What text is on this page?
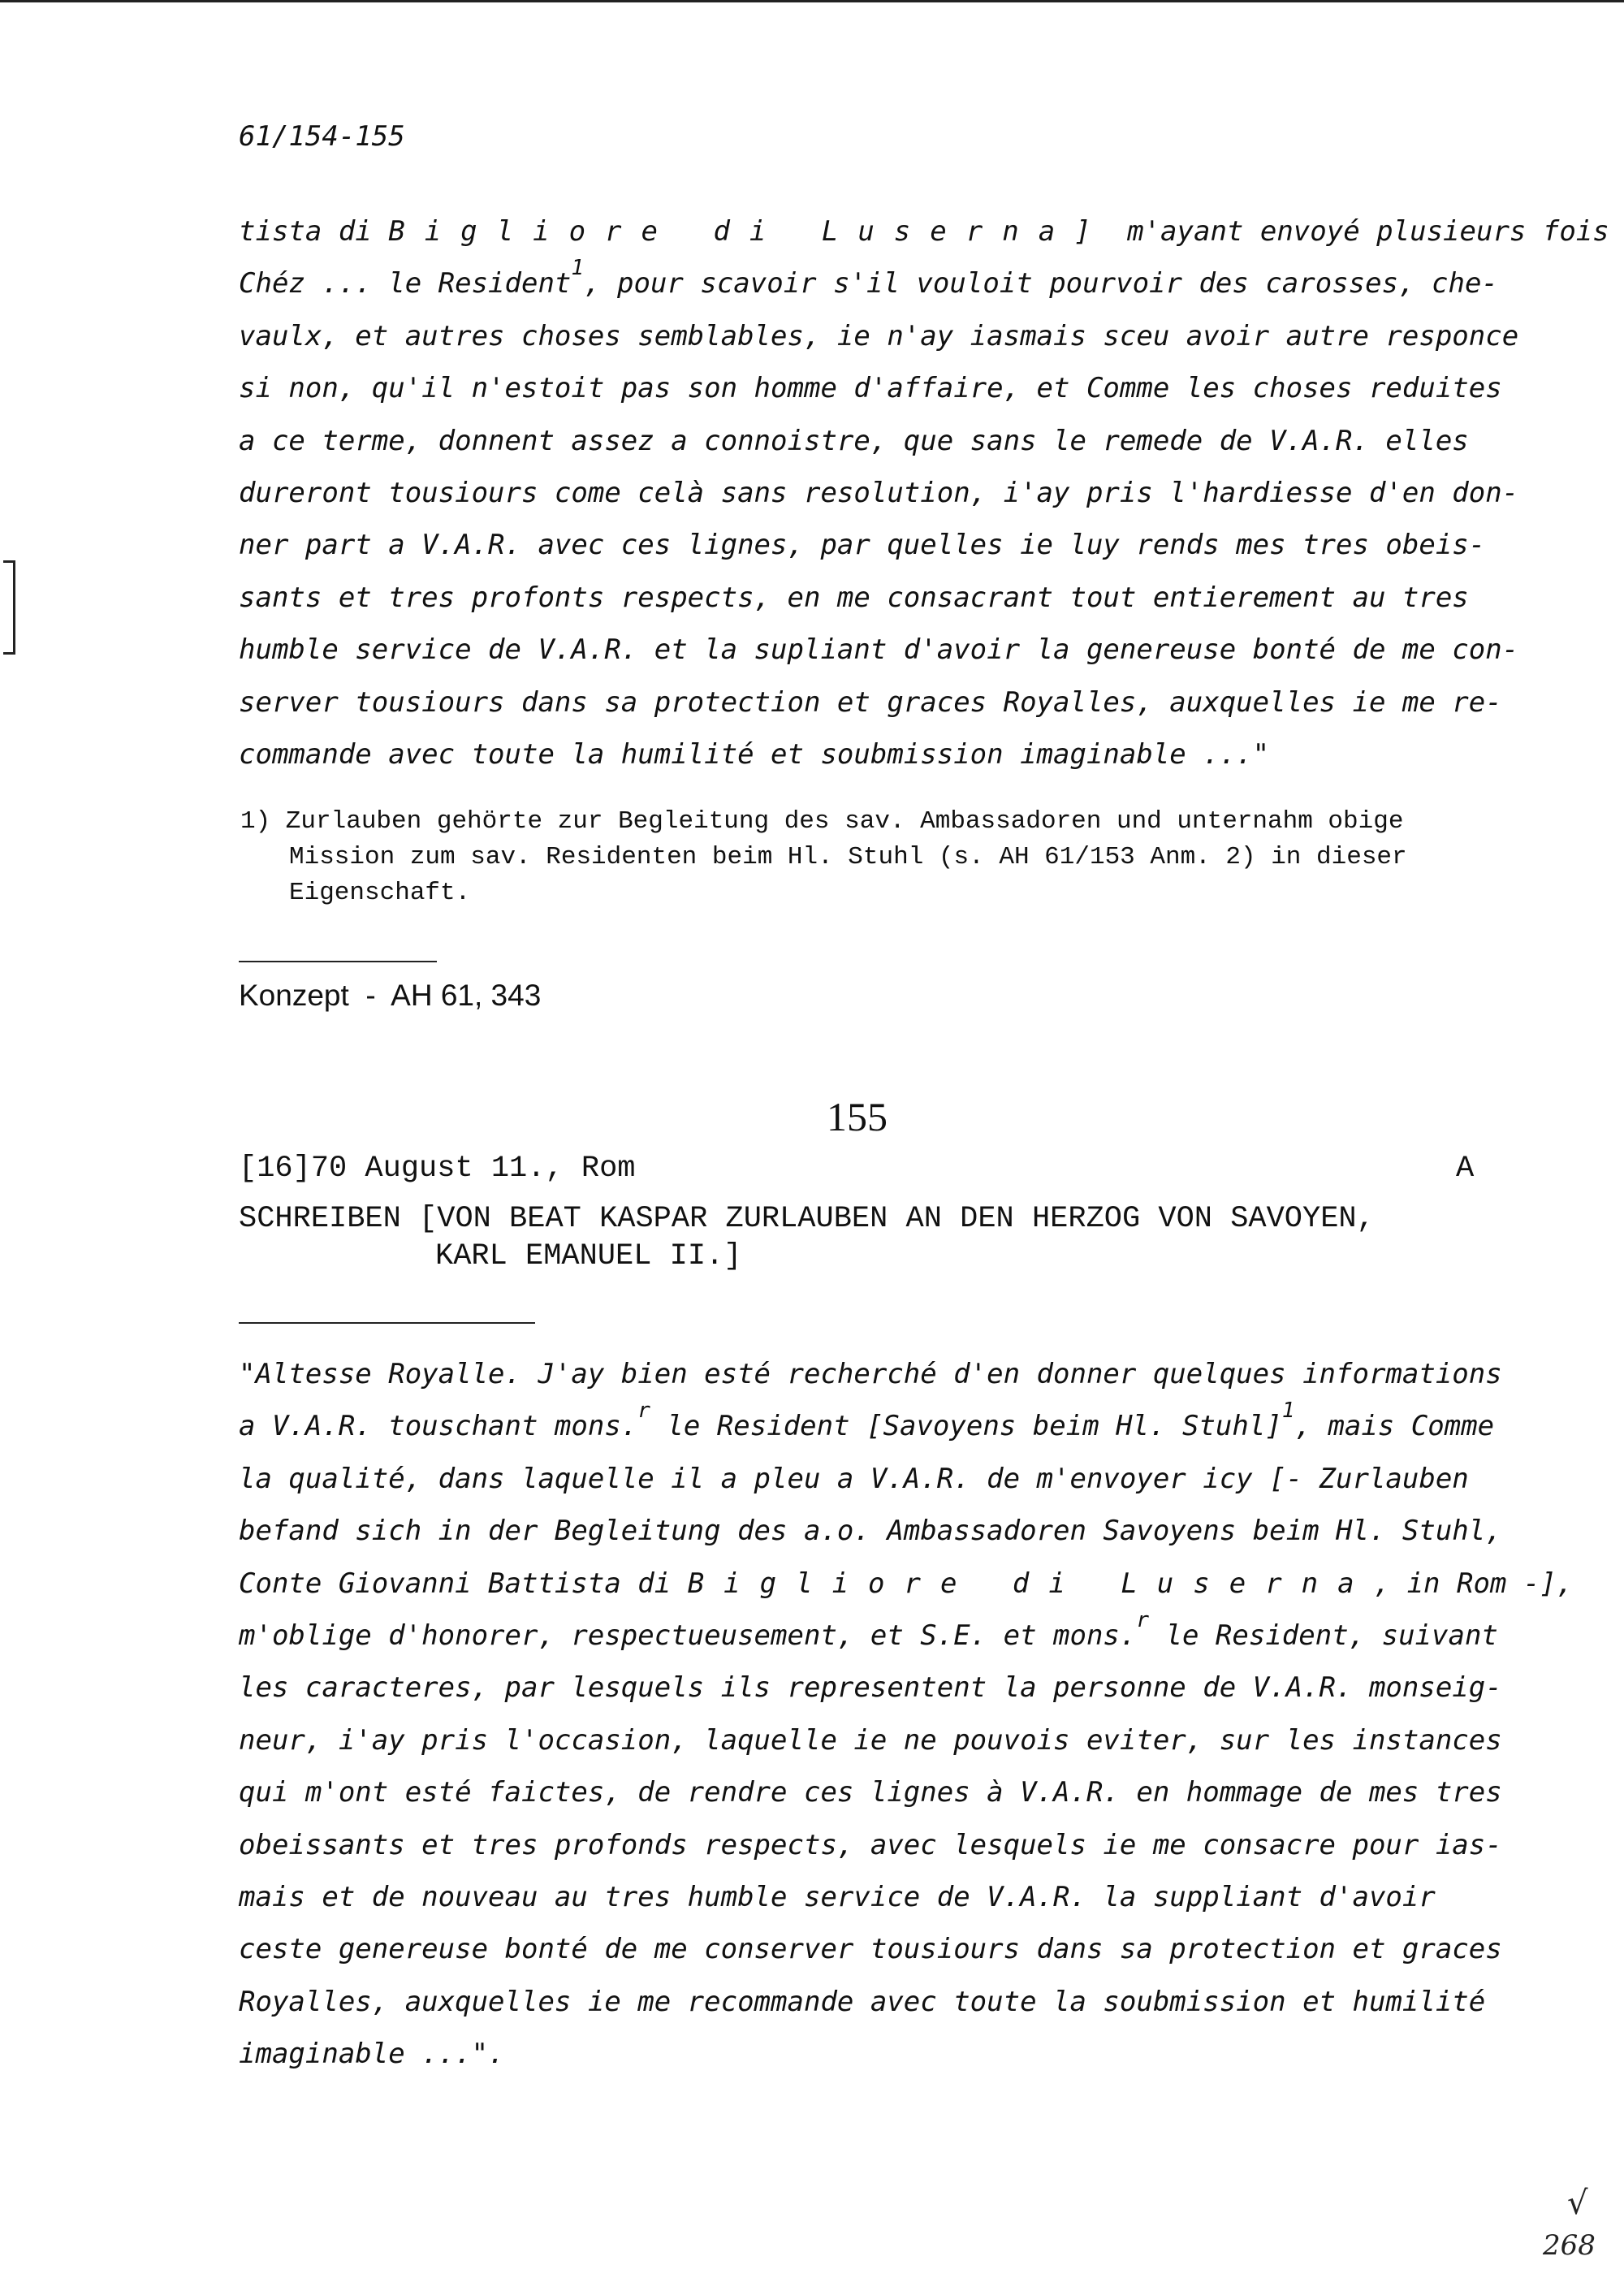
61/154-155
tista di Bigliore di Luserna] m'ayant envoyé plusieurs fois
Chéz ... le Resident$^1$, pour scavoir s'il vouloit pourvoir des carosses, che-
vaulx, et autres choses semblables, ie n'ay iasmais sceu avoir autre responce
si non, qu'il n'estoit pas son homme d'affaire, et Comme les choses reduites
a ce terme, donnent assez a connoistre, que sans le remede de V.A.R. elles
dureront tousiours come celà sans resolution, i'ay pris l'hardiesse d'en don-
ner part a V.A.R. avec ces lignes, par quelles ie luy rends mes tres obeis-
sants et tres profonts respects, en me consacrant tout entierement au tres
humble service de V.A.R. et la supliant d'avoir la genereuse bonté de me con-
server tousiours dans sa protection et graces Royalles, auxquelles ie me re-
commande avec toute la humilité et soubmission imaginable ..."
1) Zurlauben gehörte zur Begleitung des sav. Ambassadoren und unternahm obige
Mission zum sav. Residenten beim Hl. Stuhl (s. AH 61/153 Anm. 2) in dieser
Eigenschaft.
Konzept  -  AH 61, 343
155
[16]70 August 11., Rom	A
SCHREIBEN [VON BEAT KASPAR ZURLAUBEN AN DEN HERZOG VON SAVOYEN,
KARL EMANUEL II.]
"Altesse Royalle. J'ay bien esté recherché d'en donner quelques informations
a V.A.R. touschant mons.$^r$ le Resident [Savoyens beim Hl. Stuhl]$^1$, mais Comme
la qualité, dans laquelle il a pleu a V.A.R. de m'envoyer icy [- Zurlauben
befand sich in der Begleitung des a.o. Ambassadoren Savoyens beim Hl. Stuhl,
Conte Giovanni Battista di Bigliore di Luserna, in Rom -],
m'oblige d'honorer, respectueusement, et S.E. et mons.$^r$ le Resident, suivant
les caracteres, par lesquels ils representent la personne de V.A.R. monseig-
neur, i'ay pris l'occasion, laquelle ie ne pouvois eviter, sur les instances
qui m'ont esté faictes, de rendre ces lignes à V.A.R. en hommage de mes tres
obeissants et tres profonds respects, avec lesquels ie me consacre pour ias-
mais et de nouveau au tres humble service de V.A.R. la suppliant d'avoir
ceste genereuse bonté de me conserver tousiours dans sa protection et graces
Royalles, auxquelles ie me recommande avec toute la soubmission et humilité
imaginable ...".
√
268
